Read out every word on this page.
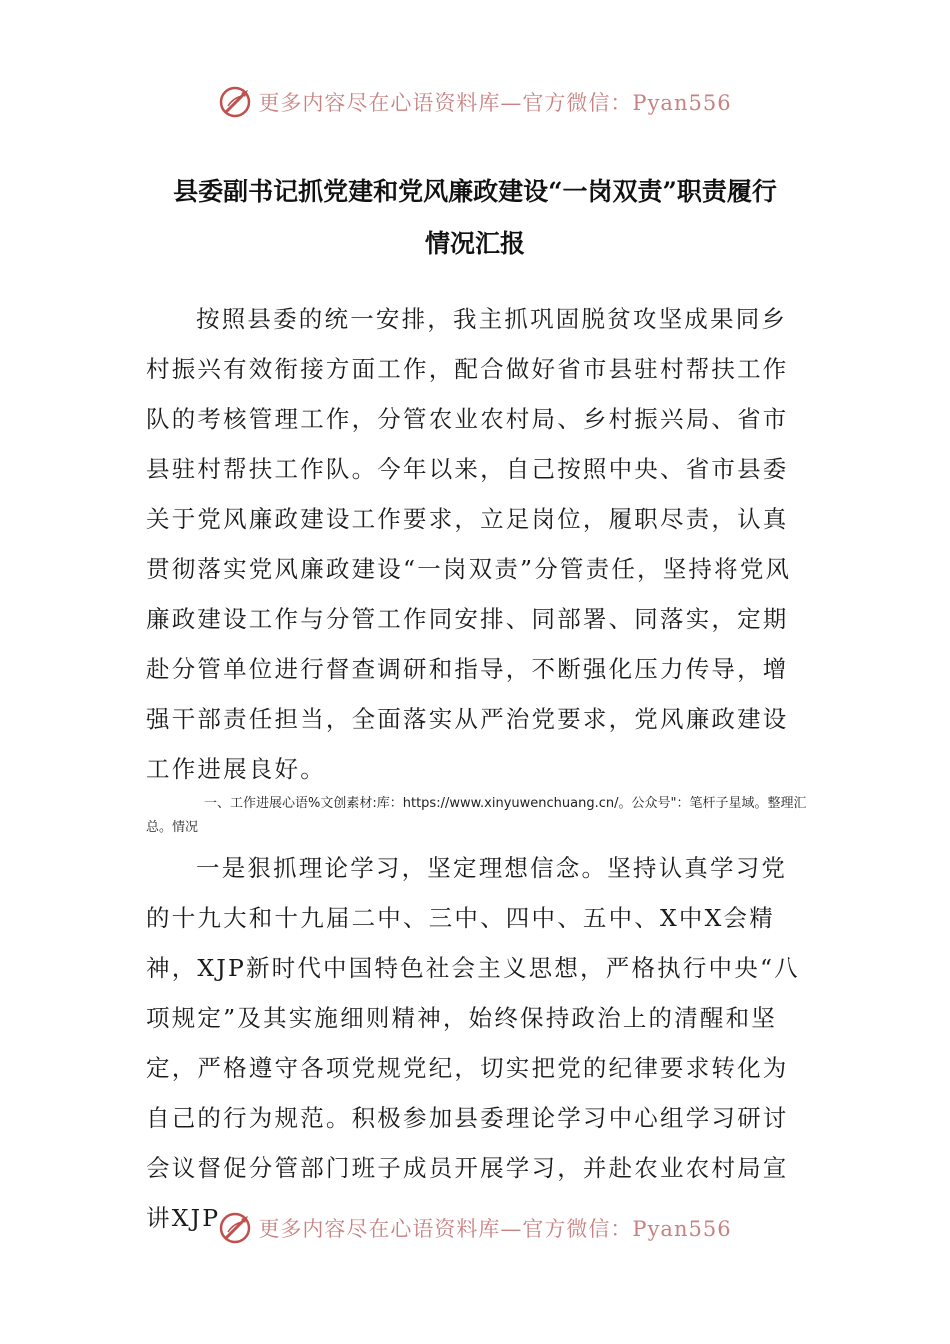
更多内容尽在心语资料库—官方微信：Pyan556
县委副书记抓党建和党风廉政建设“一岗双责”职责履行
情况汇报

按照县委的统一安排，我主抓巩固脱贫攻坚成果同乡村振兴有效衔接方面工作，配合做好省市县驻村帮扶工作队的考核管理工作，分管农业农村局、乡村振兴局、省市县驻村帮扶工作队。今年以来，自己按照中央、省市县委关于党风廉政建设工作要求，立足岗位，履职尽责，认真贯彻落实党风廉政建设“一岗双责”分管责任，坚持将党风廉政建设工作与分管工作同安排、同部署、同落实，定期赴分管单位进行督查调研和指导，不断强化压力传导，增强干部责任担当，全面落实从严治党要求，党风廉政建设工作进展良好。

一、工作进展心语%文创素材:库：https://www.xinyuwenchuang.cn/。公众号"：笔杆子星域。整理汇总。情况

一是狠抓理论学习，坚定理想信念。坚持认真学习党的十九大和十九届二中、三中、四中、五中、X中X会精神，XJP新时代中国特色社会主义思想，严格执行中央“八项规定”及其实施细则精神，始终保持政治上的清醒和坚定，严格遵守各项党规党纪，切实把党的纪律要求转化为自己的行为规范。积极参加县委理论学习中心组学习研讨会议督促分管部门班子成员开展学习，并赴农业农村局宣讲XJP	更多内容尽在心语资料库—官方微信：Pyan556
